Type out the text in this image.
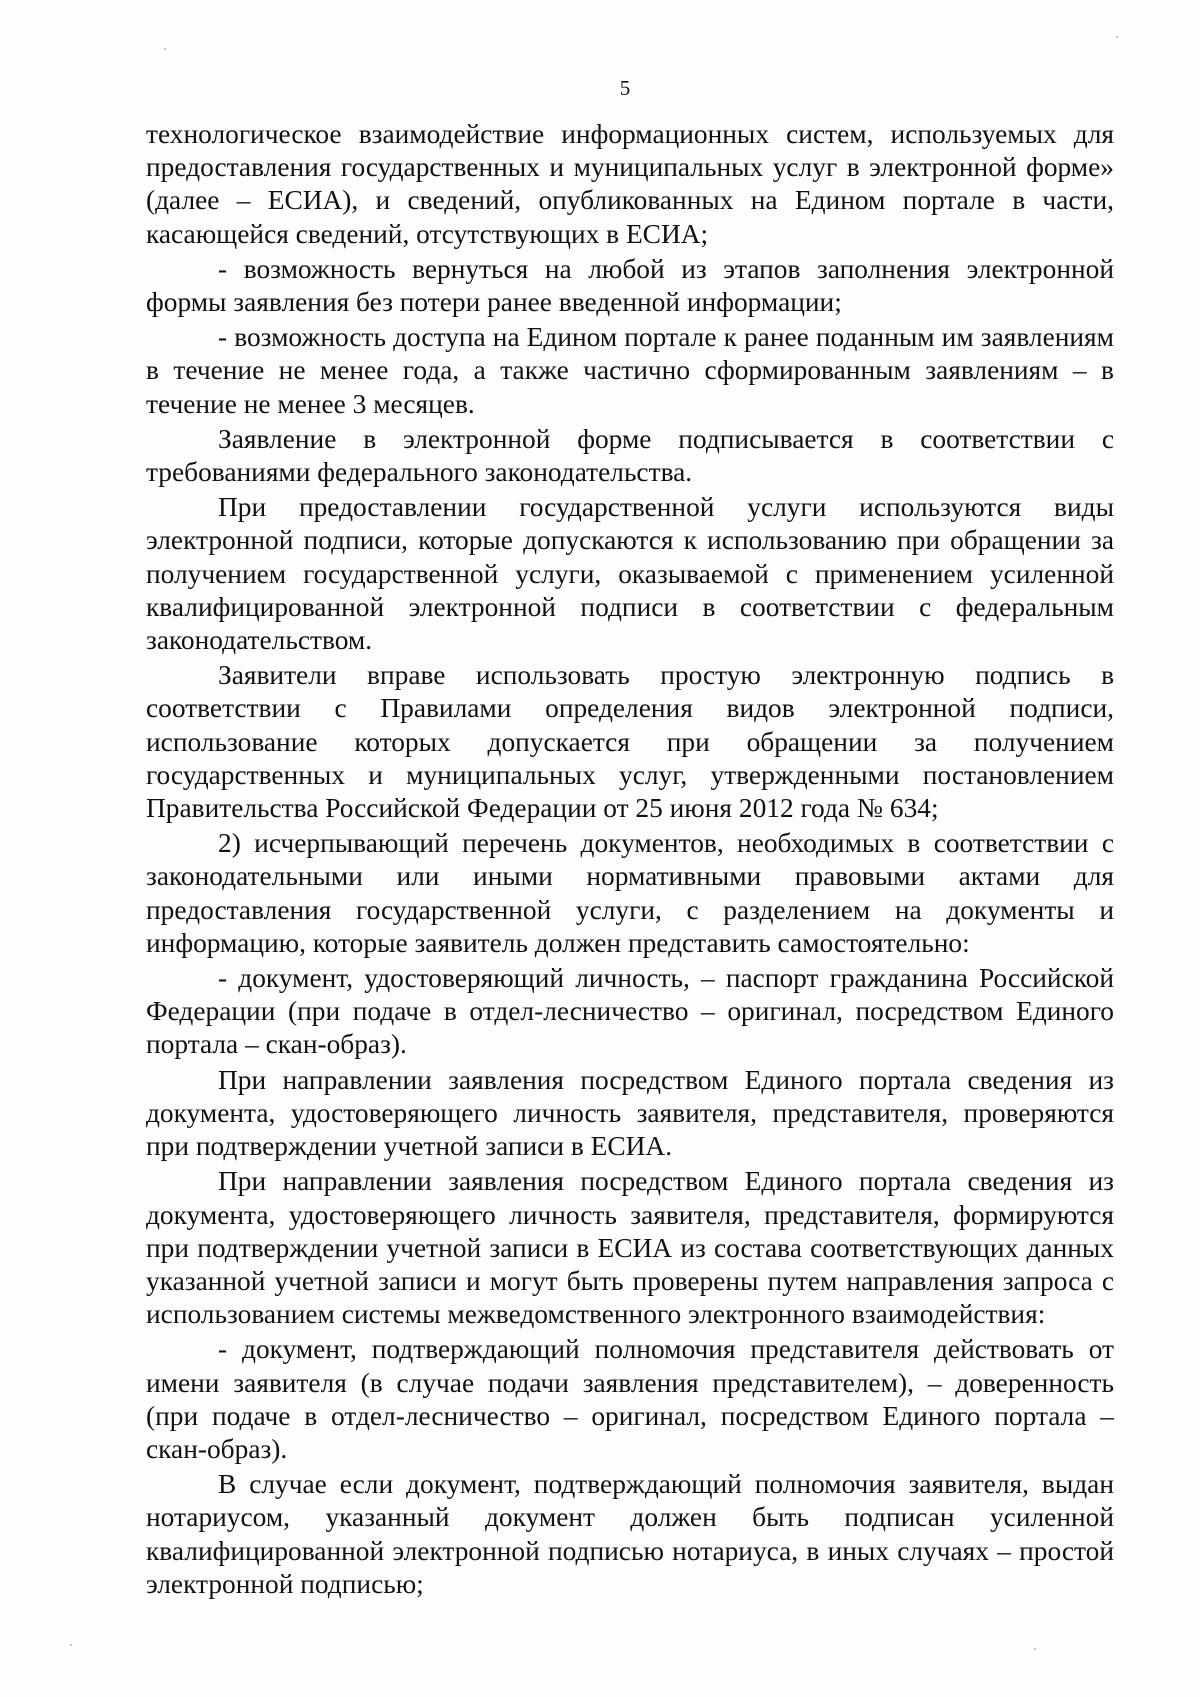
5

технологическое взаимодействие информационных систем, используемых для предоставления государственных и муниципальных услуг в электронной форме» (далее – ЕСИА), и сведений, опубликованных на Едином портале в части, касающейся сведений, отсутствующих в ЕСИА;

- возможность вернуться на любой из этапов заполнения электронной формы заявления без потери ранее введенной информации;

- возможность доступа на Едином портале к ранее поданным им заявлениям в течение не менее года, а также частично сформированным заявлениям – в течение не менее 3 месяцев.

Заявление в электронной форме подписывается в соответствии с требованиями федерального законодательства.

При предоставлении государственной услуги используются виды электронной подписи, которые допускаются к использованию при обращении за получением государственной услуги, оказываемой с применением усиленной квалифицированной электронной подписи в соответствии с федеральным законодательством.

Заявители вправе использовать простую электронную подпись в соответствии с Правилами определения видов электронной подписи, использование которых допускается при обращении за получением государственных и муниципальных услуг, утвержденными постановлением Правительства Российской Федерации от 25 июня 2012 года № 634;

2) исчерпывающий перечень документов, необходимых в соответствии с законодательными или иными нормативными правовыми актами для предоставления государственной услуги, с разделением на документы и информацию, которые заявитель должен представить самостоятельно:

- документ, удостоверяющий личность, – паспорт гражданина Российской Федерации (при подаче в отдел-лесничество – оригинал, посредством Единого портала – скан-образ).

При направлении заявления посредством Единого портала сведения из документа, удостоверяющего личность заявителя, представителя, проверяются при подтверждении учетной записи в ЕСИА.

При направлении заявления посредством Единого портала сведения из документа, удостоверяющего личность заявителя, представителя, формируются при подтверждении учетной записи в ЕСИА из состава соответствующих данных указанной учетной записи и могут быть проверены путем направления запроса с использованием системы межведомственного электронного взаимодействия:

- документ, подтверждающий полномочия представителя действовать от имени заявителя (в случае подачи заявления представителем), – доверенность (при подаче в отдел-лесничество – оригинал, посредством Единого портала – скан-образ).

В случае если документ, подтверждающий полномочия заявителя, выдан нотариусом, указанный документ должен быть подписан усиленной квалифицированной электронной подписью нотариуса, в иных случаях – простой электронной подписью;
